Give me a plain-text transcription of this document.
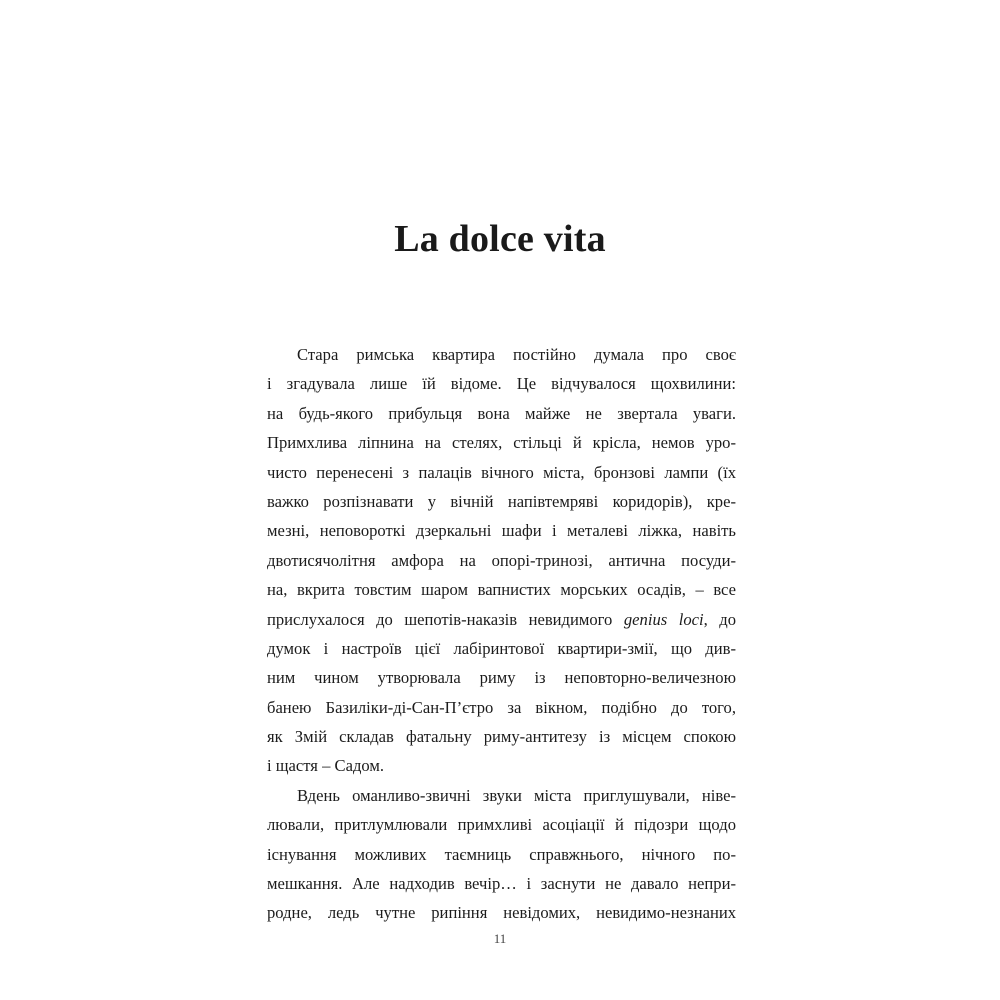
La dolce vita
Стара римська квартира постійно думала про своє
і згадувала лише їй відоме. Це відчувалося щохвилини:
на будь-якого прибульця вона майже не звертала уваги.
Примхлива ліпнина на стелях, стільці й крісла, немов уро-
чисто перенесені з палаців вічного міста, бронзові лампи (їх
важко розпізнавати у вічній напівтемряві коридорів), кре-
мезні, неповороткі дзеркальні шафи і металеві ліжка, навіть
двотисячолітня амфора на опорі-тринозі, антична посуди-
на, вкрита товстим шаром вапнистих морських осадів, – все
прислухалося до шепотів-наказів невидимого genius loci, до
думок і настроїв цієї лабіринтової квартири-змії, що див-
ним чином утворювала риму із неповторно-величезною
банею Базиліки-ді-Сан-П’єтро за вікном, подібно до того,
як Змій складав фатальну риму-антитезу із місцем спокою
і щастя – Садом.
Вдень оманливо-звичні звуки міста приглушували, ніве-
лювали, притлумлювали примхливі асоціації й підозри щодо
існування можливих таємниць справжнього, нічного по-
мешкання. Але надходив вечір… і заснути не давало непри-
родне, ледь чутне рипіння невідомих, невидимо-незнаних
11
